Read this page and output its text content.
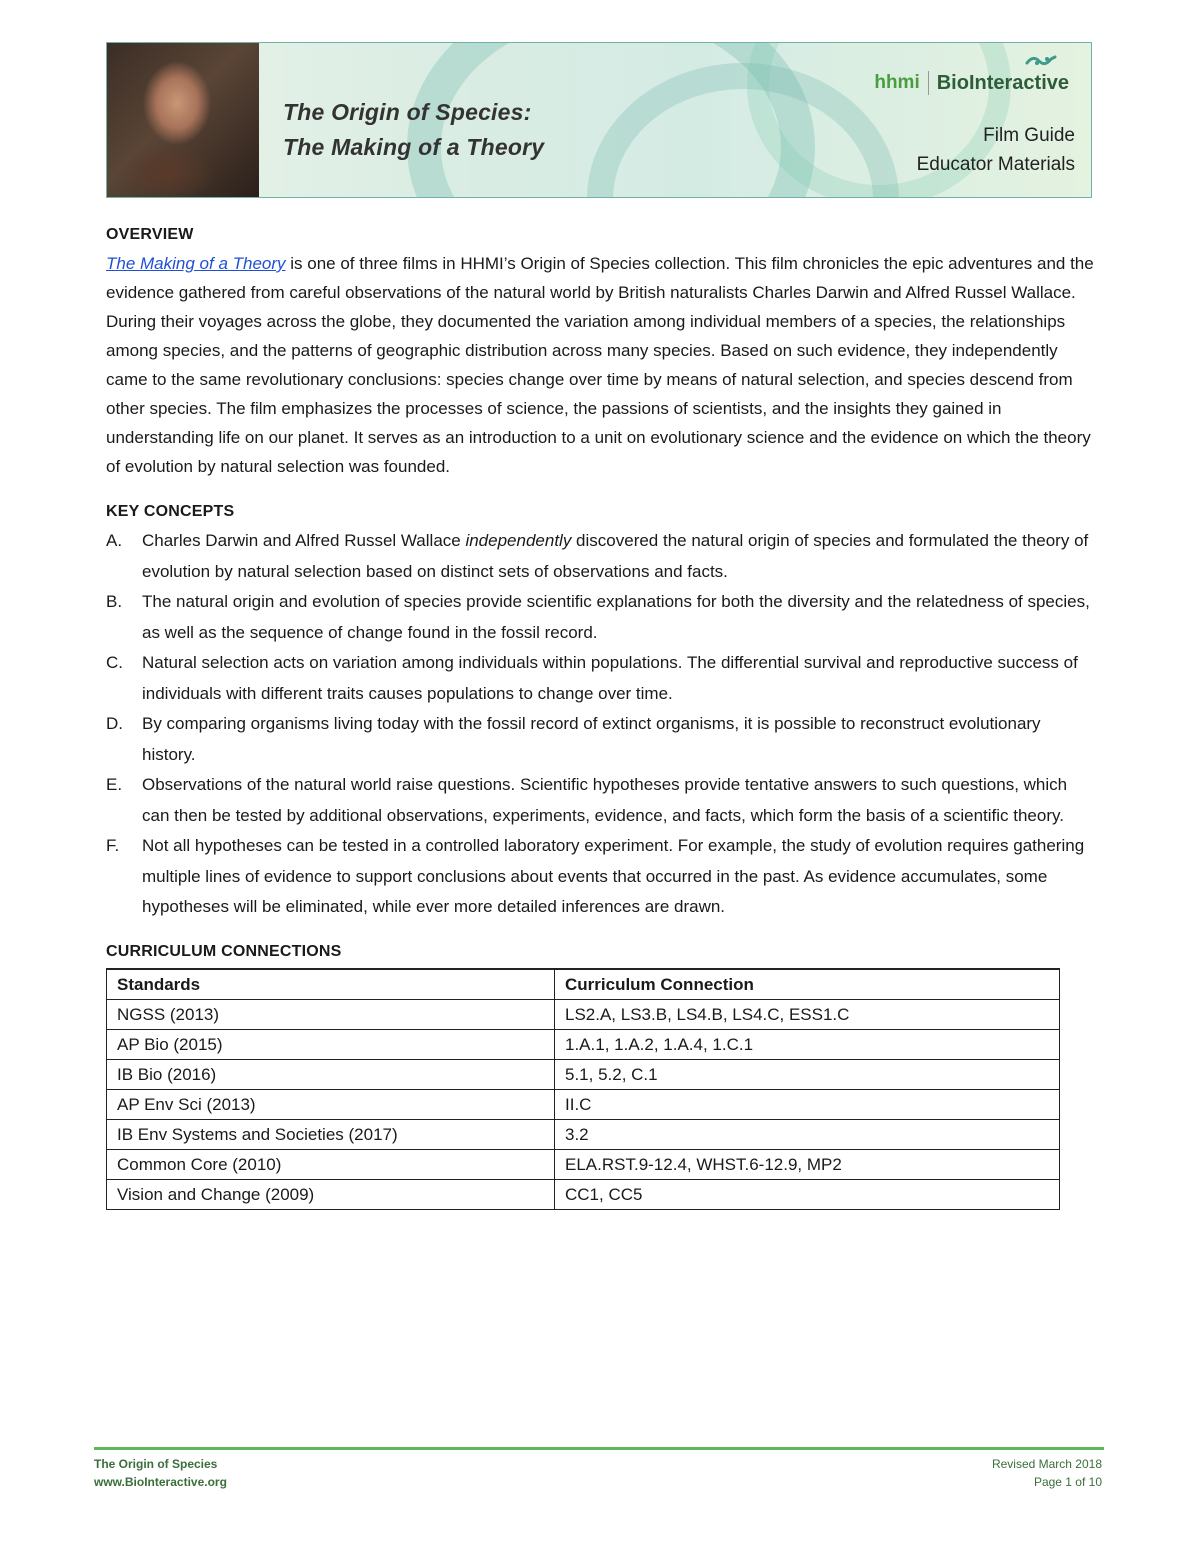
The Origin of Species:
The Making of a Theory
hhmi BioInteractive
Film Guide
Educator Materials
OVERVIEW

The Making of a Theory is one of three films in HHMI’s Origin of Species collection. This film chronicles the epic adventures and the evidence gathered from careful observations of the natural world by British naturalists Charles Darwin and Alfred Russel Wallace. During their voyages across the globe, they documented the variation among individual members of a species, the relationships among species, and the patterns of geographic distribution across many species. Based on such evidence, they independently came to the same revolutionary conclusions: species change over time by means of natural selection, and species descend from other species. The film emphasizes the processes of science, the passions of scientists, and the insights they gained in understanding life on our planet. It serves as an introduction to a unit on evolutionary science and the evidence on which the theory of evolution by natural selection was founded.

KEY CONCEPTS
A.	Charles Darwin and Alfred Russel Wallace independently discovered the natural origin of species and formulated the theory of evolution by natural selection based on distinct sets of observations and facts.
B.	The natural origin and evolution of species provide scientific explanations for both the diversity and the relatedness of species, as well as the sequence of change found in the fossil record.
C.	Natural selection acts on variation among individuals within populations. The differential survival and reproductive success of individuals with different traits causes populations to change over time.
D.	By comparing organisms living today with the fossil record of extinct organisms, it is possible to reconstruct evolutionary history.
E.	Observations of the natural world raise questions. Scientific hypotheses provide tentative answers to such questions, which can then be tested by additional observations, experiments, evidence, and facts, which form the basis of a scientific theory.
F.	Not all hypotheses can be tested in a controlled laboratory experiment. For example, the study of evolution requires gathering multiple lines of evidence to support conclusions about events that occurred in the past. As evidence accumulates, some hypotheses will be eliminated, while ever more detailed inferences are drawn.
CURRICULUM CONNECTIONS
Standards	Curriculum Connection
NGSS (2013)	LS2.A, LS3.B, LS4.B, LS4.C, ESS1.C
AP Bio (2015)	1.A.1, 1.A.2, 1.A.4, 1.C.1
IB Bio (2016)	5.1, 5.2, C.1
AP Env Sci (2013)	II.C
IB Env Systems and Societies (2017)	3.2
Common Core (2010)	ELA.RST.9-12.4, WHST.6-12.9, MP2
Vision and Change (2009)	CC1, CC5
The Origin of Species
www.BioInteractive.org
Revised March 2018
Page 1 of 10
